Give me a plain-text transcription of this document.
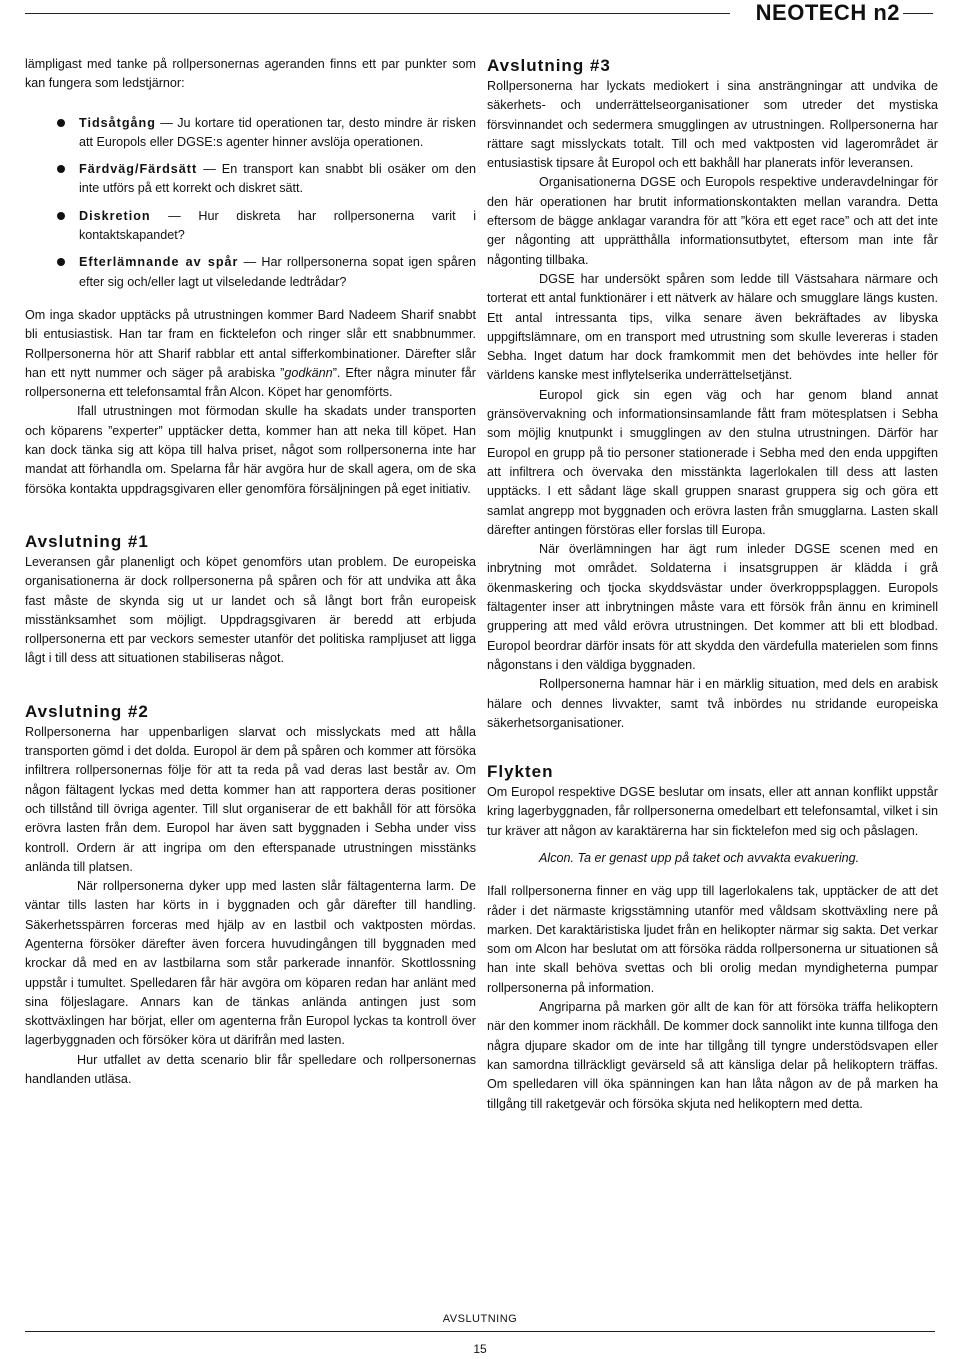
NEOTECH n2

lämpligast med tanke på rollpersonernas ageranden finns ett par punkter som kan fungera som ledstjärnor:

Tidsåtgång — Ju kortare tid operationen tar, desto mindre är risken att Europols eller DGSE:s agenter hinner avslöja operationen.
Färdväg/Färdsätt — En transport kan snabbt bli osäker om den inte utförs på ett korrekt och diskret sätt.
Diskretion — Hur diskreta har rollpersonerna varit i kontaktskapandet?
Efterlämnande av spår — Har rollpersonerna sopat igen spåren efter sig och/eller lagt ut vilseledande ledtrådar?

Om inga skador upptäcks på utrustningen kommer Bard Nadeem Sharif snabbt bli entusiastisk. Han tar fram en ficktelefon och ringer slår ett snabbnummer. Rollpersonerna hör att Sharif rabblar ett antal sifferkombinationer. Därefter slår han ett nytt nummer och säger på arabiska ”godkänn”. Efter några minuter får rollpersonerna ett telefonsamtal från Alcon. Köpet har genomförts.

Ifall utrustningen mot förmodan skulle ha skadats under transporten och köparens ”experter” upptäcker detta, kommer han att neka till köpet. Han kan dock tänka sig att köpa till halva priset, något som rollpersonerna inte har mandat att förhandla om. Spelarna får här avgöra hur de skall agera, om de ska försöka kontakta uppdragsgivaren eller genomföra försäljningen på eget initiativ.

Avslutning #1

Leveransen går planenligt och köpet genomförs utan problem. De europeiska organisationerna är dock rollpersonerna på spåren och för att undvika att åka fast måste de skynda sig ut ur landet och så långt bort från europeisk misstänksamhet som möjligt. Uppdragsgivaren är beredd att erbjuda rollpersonerna ett par veckors semester utanför det politiska rampljuset att ligga lågt i till dess att situationen stabiliseras något.

Avslutning #2

Rollpersonerna har uppenbarligen slarvat och misslyckats med att hålla transporten gömd i det dolda. Europol är dem på spåren och kommer att försöka infiltrera rollpersonernas följe för att ta reda på vad deras last består av. Om någon fältagent lyckas med detta kommer han att rapportera deras positioner och tillstånd till övriga agenter. Till slut organiserar de ett bakhåll för att försöka erövra lasten från dem. Europol har även satt byggnaden i Sebha under viss kontroll. Ordern är att ingripa om den efterspanade utrustningen misstänks anlända till platsen.

När rollpersonerna dyker upp med lasten slår fältagenterna larm. De väntar tills lasten har körts in i byggnaden och går därefter till handling. Säkerhetsspärren forceras med hjälp av en lastbil och vaktposten mördas. Agenterna försöker därefter även forcera huvudingången till byggnaden med krockar då med en av lastbilarna som står parkerade innanför. Skottlossning uppstår i tumultet. Spelledaren får här avgöra om köparen redan har anlänt med sina följeslagare. Annars kan de tänkas anlända antingen just som skottväxlingen har börjat, eller om agenterna från Europol lyckas ta kontroll över lagerbyggnaden och försöker köra ut därifrån med lasten.

Hur utfallet av detta scenario blir får spelledare och rollpersonernas handlanden utläsa.

Avslutning #3

Rollpersonerna har lyckats mediokert i sina ansträngningar att undvika de säkerhets- och underrättelseorganisationer som utreder det mystiska försvinnandet och sedermera smugglingen av utrustningen. Rollpersonerna har rättare sagt misslyckats totalt. Till och med vaktposten vid lagerområdet är entusiastisk tipsare åt Europol och ett bakhåll har planerats inför leveransen.

Organisationerna DGSE och Europols respektive underavdelningar för den här operationen har brutit informationskontakten mellan varandra. Detta eftersom de bägge anklagar varandra för att ”köra ett eget race” och att det inte ger någonting att upprätthålla informationsutbytet, eftersom man inte får någonting tillbaka.

DGSE har undersökt spåren som ledde till Västsahara närmare och torterat ett antal funktionärer i ett nätverk av hälare och smugglare längs kusten. Ett antal intressanta tips, vilka senare även bekräftades av libyska uppgiftslämnare, om en transport med utrustning som skulle levereras i staden Sebha. Inget datum har dock framkommit men det behövdes inte heller för världens kanske mest inflytelserika underrättelsetjänst.

Europol gick sin egen väg och har genom bland annat gränsövervakning och informationsinsamlande fått fram mötesplatsen i Sebha som möjlig knutpunkt i smugglingen av den stulna utrustningen. Därför har Europol en grupp på tio personer stationerade i Sebha med den enda uppgiften att infiltrera och övervaka den misstänkta lagerlokalen till dess att lasten upptäcks. I ett sådant läge skall gruppen snarast gruppera sig och göra ett samlat angrepp mot byggnaden och erövra lasten från smugglarna. Lasten skall därefter antingen förstöras eller forslas till Europa.

När överlämningen har ägt rum inleder DGSE scenen med en inbrytning mot området. Soldaterna i insatsgruppen är klädda i grå ökenmaskering och tjocka skyddsvästar under överkroppsplaggen. Europols fältagenter inser att inbrytningen måste vara ett försök från ännu en kriminell gruppering att med våld erövra utrustningen. Det kommer att bli ett blodbad. Europol beordrar därför insats för att skydda den värdefulla materielen som finns någonstans i den väldiga byggnaden.

Rollpersonerna hamnar här i en märklig situation, med dels en arabisk hälare och dennes livvakter, samt två inbördes nu stridande europeiska säkerhetsorganisationer.

Flykten

Om Europol respektive DGSE beslutar om insats, eller att annan konflikt uppstår kring lagerbyggnaden, får rollpersonerna omedelbart ett telefonsamtal, vilket i sin tur kräver att någon av karaktärerna har sin ficktelefon med sig och påslagen.

Alcon. Ta er genast upp på taket och avvakta evakuering.

Ifall rollpersonerna finner en väg upp till lagerlokalens tak, upptäcker de att det råder i det närmaste krigsstämning utanför med våldsam skottväxling nere på marken. Det karaktäristiska ljudet från en helikopter närmar sig sakta. Det verkar som om Alcon har beslutat om att försöka rädda rollpersonerna ur situationen så han inte skall behöva svettas och bli orolig medan myndigheterna pumpar rollpersonerna på information.

Angriparna på marken gör allt de kan för att försöka träffa helikoptern när den kommer inom räckhåll. De kommer dock sannolikt inte kunna tillfoga den några djupare skador om de inte har tillgång till tyngre understödsvapen eller kan samordna tillräckligt gevärseld så att känsliga delar på helikoptern träffas. Om spelledaren vill öka spänningen kan han låta någon av de på marken ha tillgång till raketgevär och försöka skjuta ned helikoptern med detta.

AVSLUTNING
15
